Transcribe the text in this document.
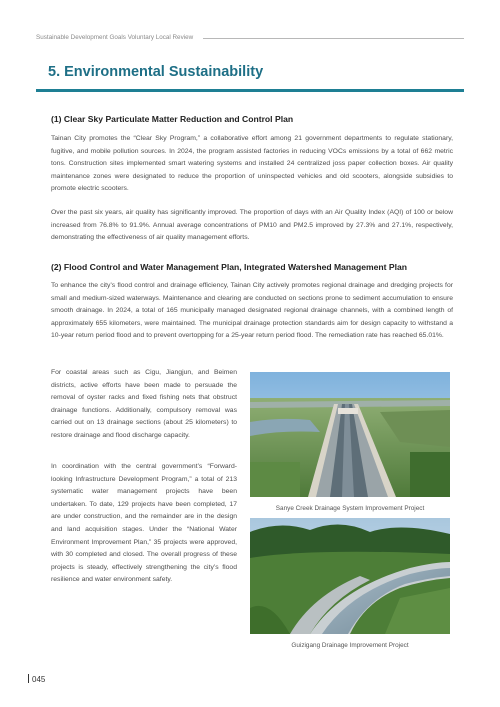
Sustainable Development Goals Voluntary Local Review
5. Environmental Sustainability
(1) Clear Sky Particulate Matter Reduction and Control Plan

Tainan City promotes the “Clear Sky Program,” a collaborative effort among 21 government departments to regulate stationary, fugitive, and mobile pollution sources. In 2024, the program assisted factories in reducing VOCs emissions by a total of 662 metric tons. Construction sites implemented smart watering systems and installed 24 centralized joss paper collection boxes. Air quality maintenance zones were designated to reduce the proportion of uninspected vehicles and old scooters, alongside subsidies to promote electric scooters.

Over the past six years, air quality has significantly improved. The proportion of days with an Air Quality Index (AQI) of 100 or below increased from 76.8% to 91.9%. Annual average concentrations of PM10 and PM2.5 improved by 27.3% and 27.1%, respectively, demonstrating the effectiveness of air quality management efforts.

(2) Flood Control and Water Management Plan, Integrated Watershed Management Plan

To enhance the city’s flood control and drainage efficiency, Tainan City actively promotes regional drainage and dredging projects for small and medium-sized waterways. Maintenance and clearing are conducted on sections prone to sediment accumulation to ensure smooth drainage. In 2024, a total of 165 municipally managed designated regional drainage channels, with a combined length of approximately 655 kilometers, were maintained. The municipal drainage protection standards aim for design capacity to withstand a 10-year return period flood and to prevent overtopping for a 25-year return period flood. The remediation rate has reached 65.01%.

For coastal areas such as Cigu, Jiangjun, and Beimen districts, active efforts have been made to persuade the removal of oyster racks and fixed fishing nets that obstruct drainage functions. Additionally, compulsory removal was carried out on 13 drainage sections (about 25 kilometers) to restore drainage and flood discharge capacity.

In coordination with the central government’s “Forward-looking Infrastructure Development Program,” a total of 213 systematic water management projects have been undertaken. To date, 129 projects have been completed, 17 are under construction, and the remainder are in the design and land acquisition stages. Under the “National Water Environment Improvement Plan,” 35 projects were approved, with 30 completed and closed. The overall progress of these projects is steady, effectively strengthening the city’s flood resilience and water environment safety.

Sanye Creek Drainage System Improvement Project
Guizigang Drainage Improvement Project
045
